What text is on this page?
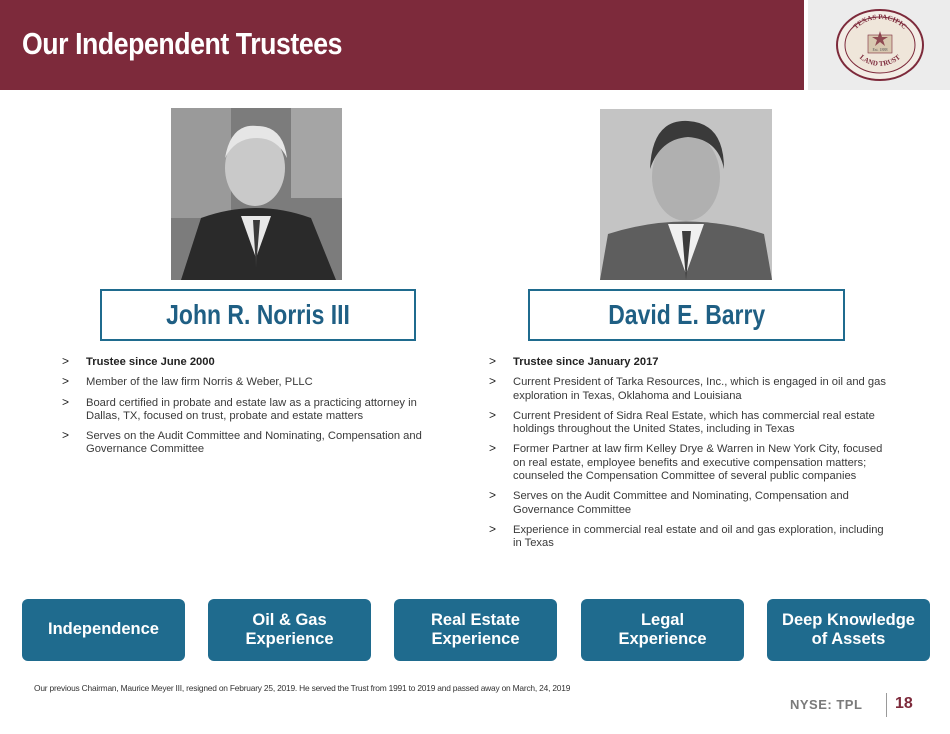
Our Independent Trustees	TEXAS PACIFIC
LAND TRUST
Est. 1888
John R. Norris III
> Trustee since June 2000
> Member of the law firm Norris & Weber, PLLC
> Board certified in probate and estate law as a practicing attorney in Dallas, TX, focused on trust, probate and estate matters
> Serves on the Audit Committee and Nominating, Compensation and Governance Committee
David E. Barry
> Trustee since January 2017
> Current President of Tarka Resources, Inc., which is engaged in oil and gas exploration in Texas, Oklahoma and Louisiana
> Current President of Sidra Real Estate, which has commercial real estate holdings throughout the United States, including in Texas
> Former Partner at law firm Kelley Drye & Warren in New York City, focused on real estate, employee benefits and executive compensation matters; counseled the Compensation Committee of several public companies
> Serves on the Audit Committee and Nominating, Compensation and Governance Committee
> Experience in commercial real estate and oil and gas exploration, including in Texas
Independence
Oil & Gas Experience
Real Estate Experience
Legal Experience
Deep Knowledge of Assets
Our previous Chairman, Maurice Meyer III, resigned on February 25, 2019. He served the Trust from 1991 to 2019 and passed away on March, 24, 2019
NYSE: TPL 18
